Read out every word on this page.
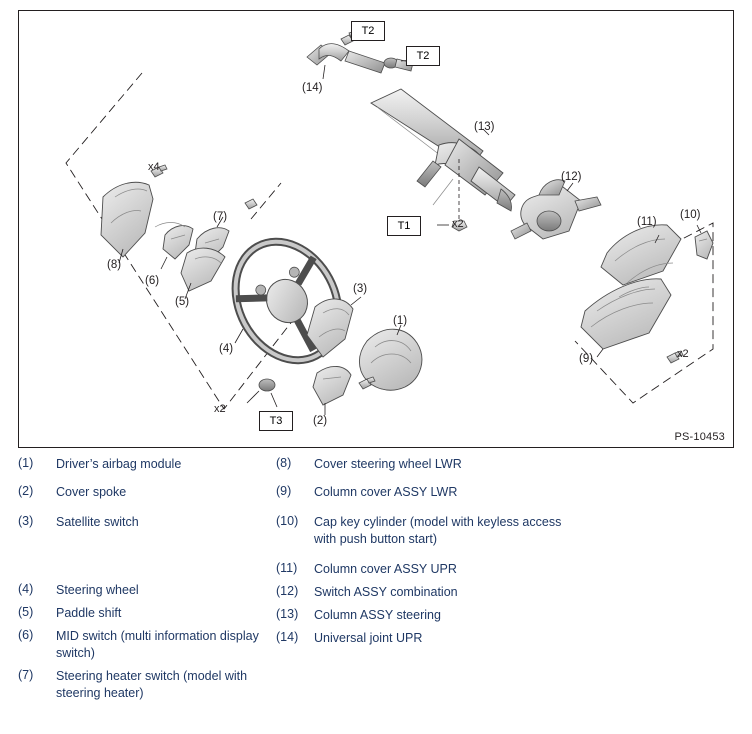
T2
T2
T1
T3
x4
x2
x2
x2
(14)
(13)
(12)
(11)
(10)
(9)
(8)
(7)
(6)
(5)
(4)
(3)
(2)
(1)
PS-10453
(1)	Driver’s airbag module
(2)	Cover spoke
(3)	Satellite switch
(4)	Steering wheel
(5)	Paddle shift
(6)	MID switch (multi information display switch)
(7)	Steering heater switch (model with steering heater)
(8)	Cover steering wheel LWR
(9)	Column cover ASSY LWR
(10)	Cap key cylinder (model with keyless access with push button start)
(11)	Column cover ASSY UPR
(12)	Switch ASSY combination
(13)	Column ASSY steering
(14)	Universal joint UPR
